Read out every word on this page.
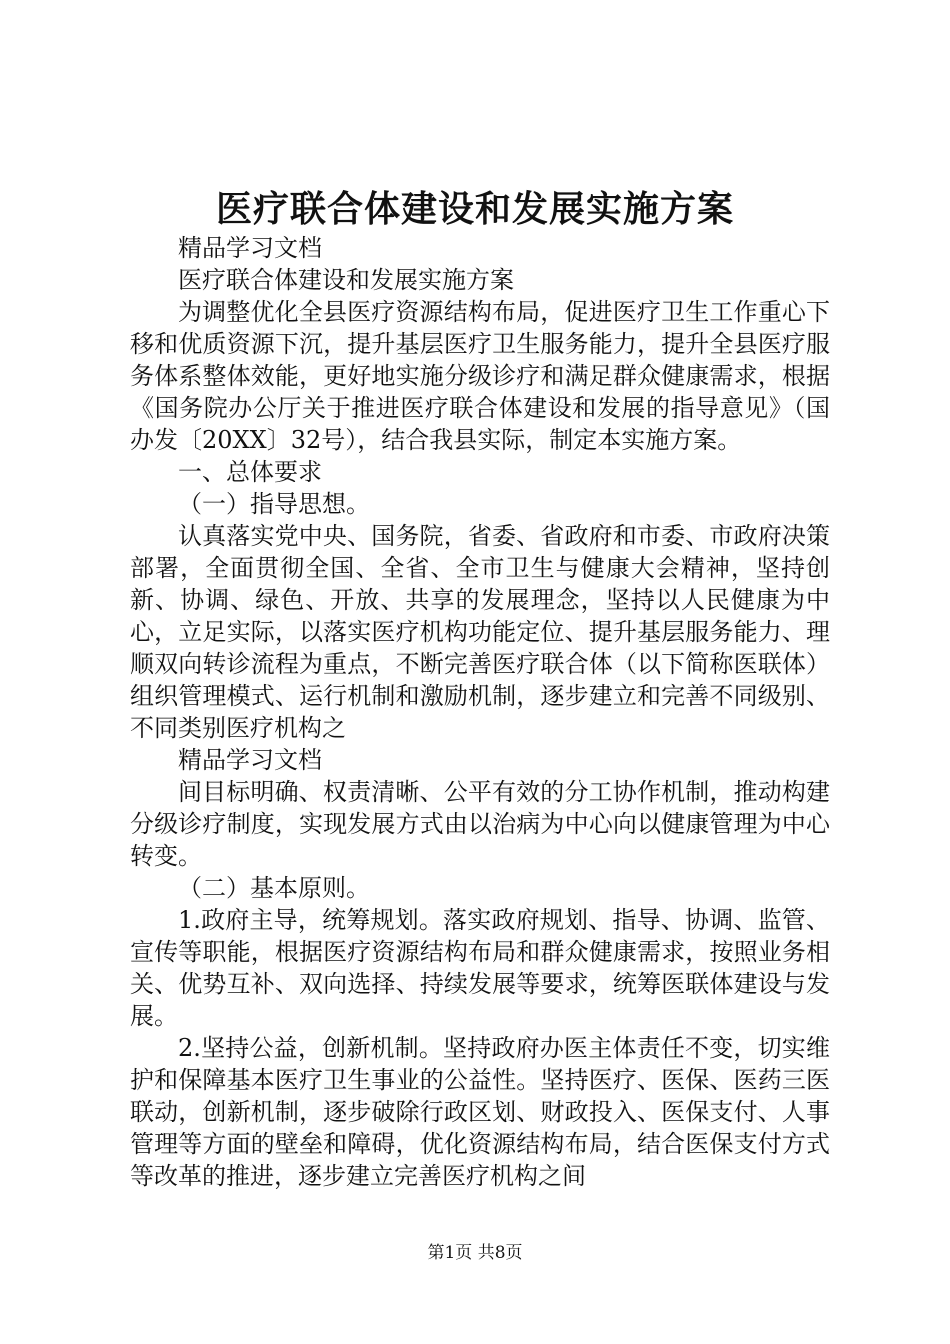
医疗联合体建设和发展实施方案

精品学习文档

医疗联合体建设和发展实施方案

为调整优化全县医疗资源结构布局，促进医疗卫生工作重心下移和优质资源下沉，提升基层医疗卫生服务能力，提升全县医疗服务体系整体效能，更好地实施分级诊疗和满足群众健康需求，根据《国务院办公厅关于推进医疗联合体建设和发展的指导意见》（国办发〔20XX〕32号），结合我县实际，制定本实施方案。

一、总体要求

（一）指导思想。

认真落实党中央、国务院，省委、省政府和市委、市政府决策部署，全面贯彻全国、全省、全市卫生与健康大会精神，坚持创新、协调、绿色、开放、共享的发展理念，坚持以人民健康为中心，立足实际，以落实医疗机构功能定位、提升基层服务能力、理顺双向转诊流程为重点，不断完善医疗联合体（以下简称医联体）组织管理模式、运行机制和激励机制，逐步建立和完善不同级别、不同类别医疗机构之

精品学习文档

间目标明确、权责清晰、公平有效的分工协作机制，推动构建分级诊疗制度，实现发展方式由以治病为中心向以健康管理为中心转变。

（二）基本原则。

1.政府主导，统筹规划。落实政府规划、指导、协调、监管、宣传等职能，根据医疗资源结构布局和群众健康需求，按照业务相关、优势互补、双向选择、持续发展等要求，统筹医联体建设与发展。

2.坚持公益，创新机制。坚持政府办医主体责任不变，切实维护和保障基本医疗卫生事业的公益性。坚持医疗、医保、医药三医联动，创新机制，逐步破除行政区划、财政投入、医保支付、人事管理等方面的壁垒和障碍，优化资源结构布局，结合医保支付方式等改革的推进，逐步建立完善医疗机构之间

第1页 共8页
